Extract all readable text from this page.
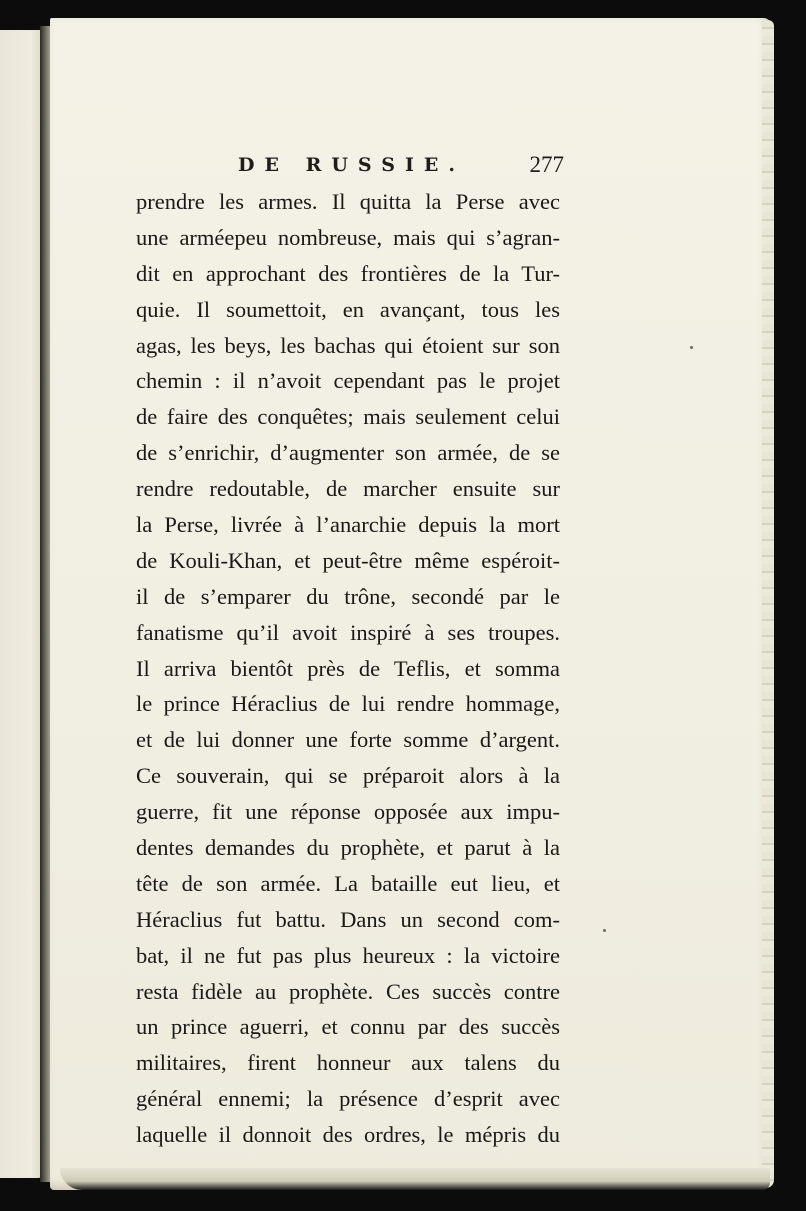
DE RUSSIE.	277
prendre les armes. Il quitta la Perse avec
une arméepeu nombreuse, mais qui s’agran-
dit en approchant des frontières de la Tur-
quie. Il soumettoit, en avançant, tous les
agas, les beys, les bachas qui étoient sur son
chemin : il n’avoit cependant pas le projet
de faire des conquêtes; mais seulement celui
de s’enrichir, d’augmenter son armée, de se
rendre redoutable, de marcher ensuite sur
la Perse, livrée à l’anarchie depuis la mort
de Kouli-Khan, et peut-être même espéroit-
il de s’emparer du trône, secondé par le
fanatisme qu’il avoit inspiré à ses troupes.
Il arriva bientôt près de Teflis, et somma
le prince Héraclius de lui rendre hommage,
et de lui donner une forte somme d’argent.
Ce souverain, qui se préparoit alors à la
guerre, fit une réponse opposée aux impu-
dentes demandes du prophète, et parut à la
tête de son armée. La bataille eut lieu, et
Héraclius fut battu. Dans un second com-
bat, il ne fut pas plus heureux : la victoire
resta fidèle au prophète. Ces succès contre
un prince aguerri, et connu par des succès
militaires, firent honneur aux talens du
général ennemi; la présence d’esprit avec
laquelle il donnoit des ordres, le mépris du
